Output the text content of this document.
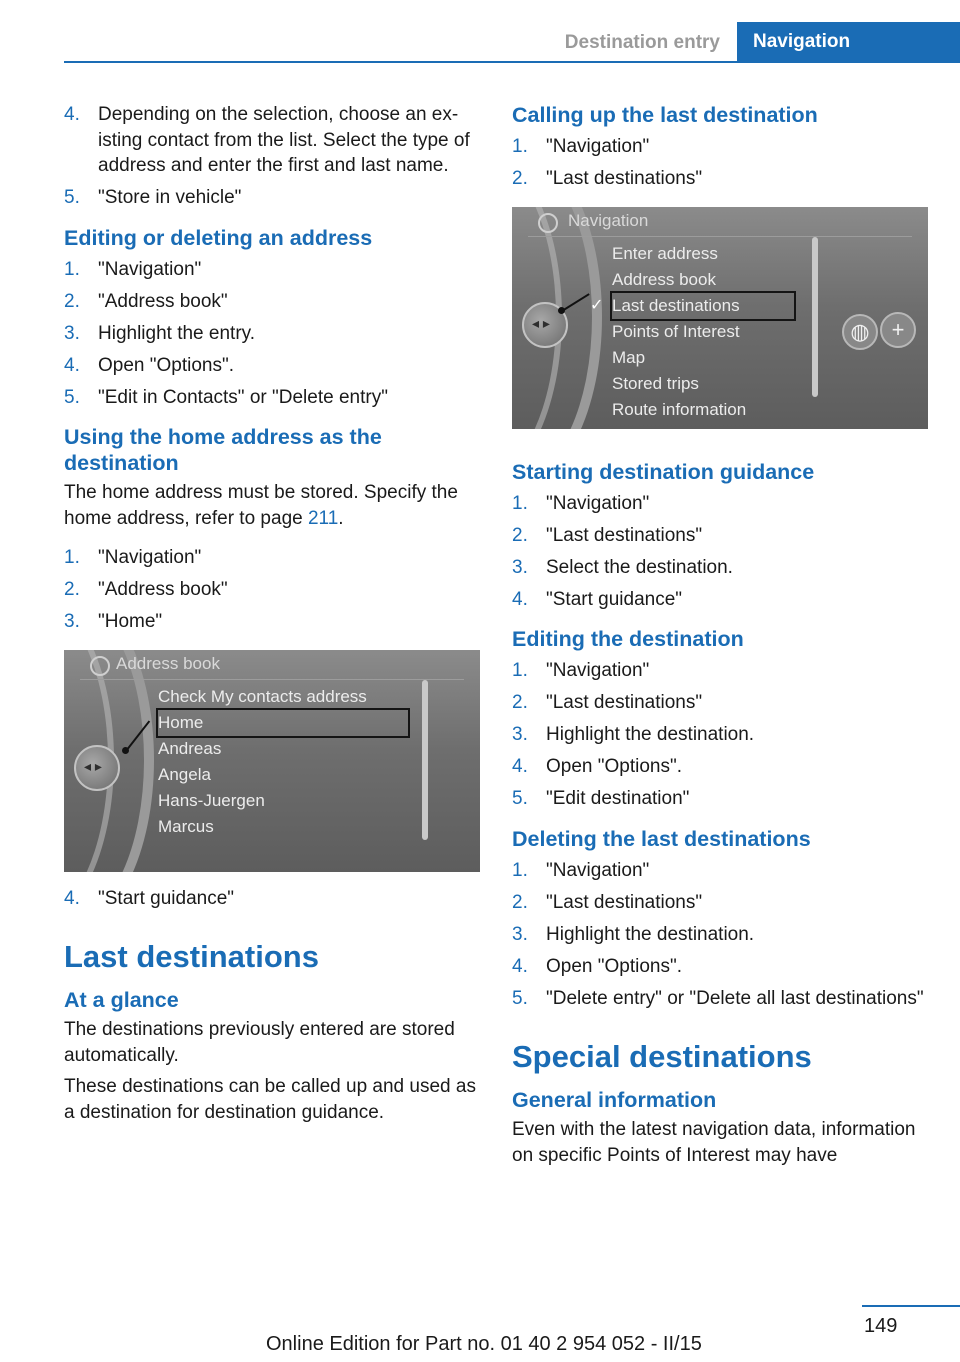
Destination entry	Navigation
4. Depending on the selection, choose an existing contact from the list. Select the type of address and enter the first and last name.
5. "Store in vehicle"
Editing or deleting an address
1. "Navigation"
2. "Address book"
3. Highlight the entry.
4. Open "Options".
5. "Edit in Contacts" or "Delete entry"
Using the home address as the destination
The home address must be stored. Specify the home address, refer to page 211.
1. "Navigation"
2. "Address book"
3. "Home"
◂ ▸
Address book
Check My contacts address
Home
Andreas
Angela
Hans-Juergen
Marcus
4. "Start guidance"
Last destinations
At a glance
The destinations previously entered are stored automatically.
These destinations can be called up and used as a destination for destination guidance.
Calling up the last destination
1. "Navigation"
2. "Last destinations"
◂ ▸
Navigation
Enter address
Address book
✓ Last destinations
Points of Interest
Map
Stored trips
Route information
◍ +
Starting destination guidance
1. "Navigation"
2. "Last destinations"
3. Select the destination.
4. "Start guidance"
Editing the destination
1. "Navigation"
2. "Last destinations"
3. Highlight the destination.
4. Open "Options".
5. "Edit destination"
Deleting the last destinations
1. "Navigation"
2. "Last destinations"
3. Highlight the destination.
4. Open "Options".
5. "Delete entry" or "Delete all last destinations"
Special destinations
General information
Even with the latest navigation data, information on specific Points of Interest may have
149
Online Edition for Part no. 01 40 2 954 052 - II/15
